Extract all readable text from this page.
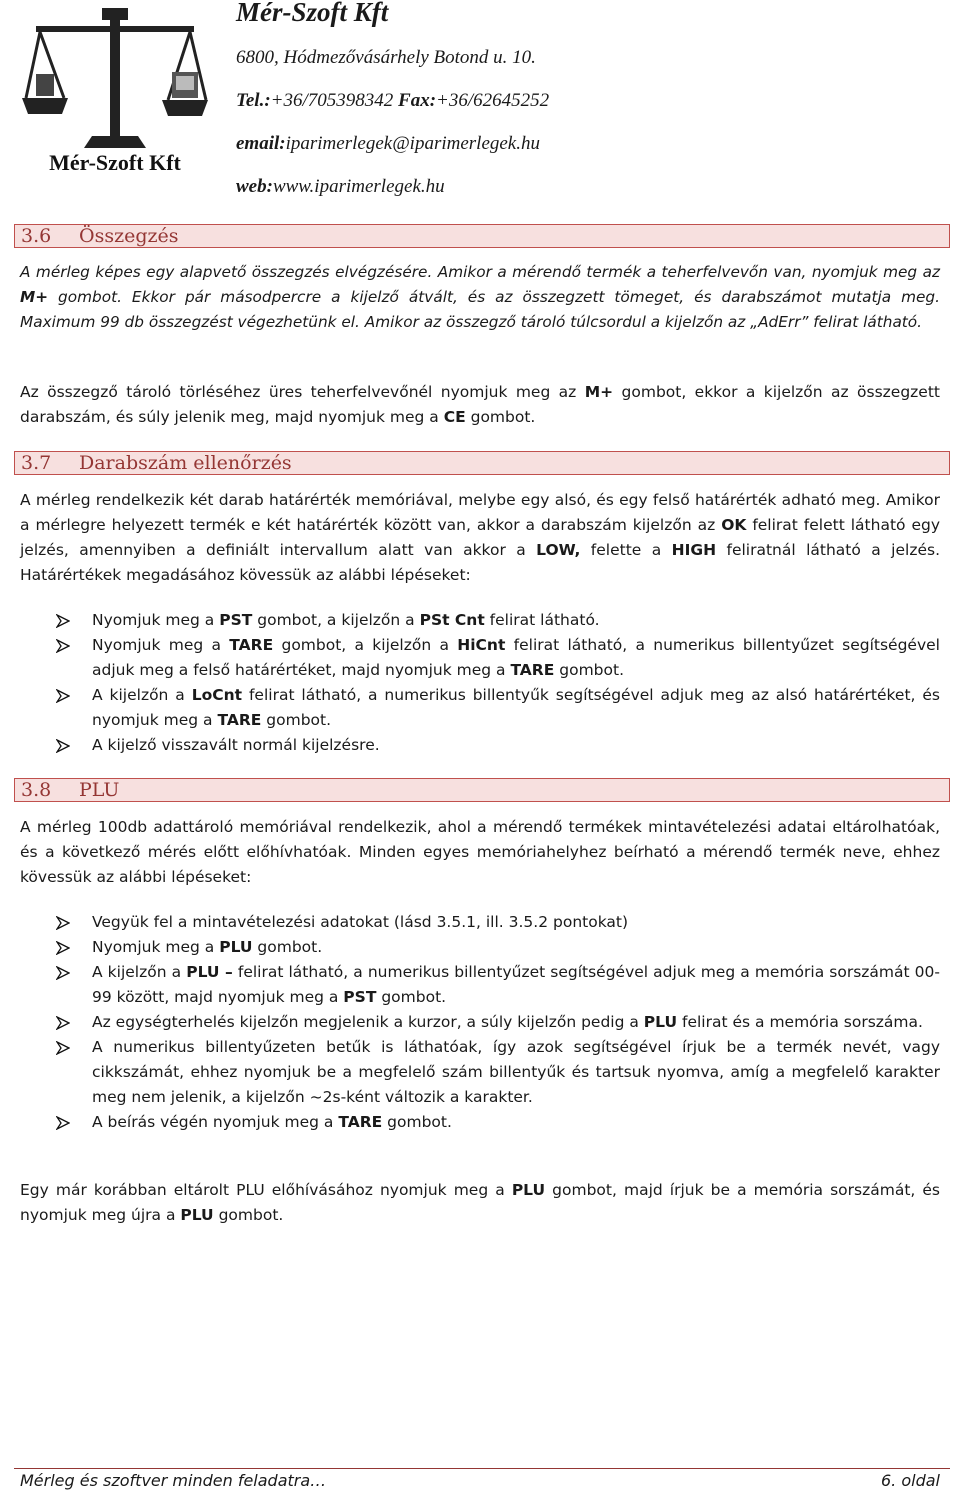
Mér-Szoft Kft
Mér-Szoft Kft
6800, Hódmezővásárhely Botond u. 10.
Tel.:+36/705398342 Fax:+36/62645252
email:iparimerlegek@iparimerlegek.hu
web:www.iparimerlegek.hu
3.6 Összegzés

A mérleg képes egy alapvető összegzés elvégzésére. Amikor a mérendő termék a teherfelvevőn van, nyomjuk meg az M+ gombot. Ekkor pár másodpercre a kijelző átvált, és az összegzett tömeget, és darabszámot mutatja meg. Maximum 99 db összegzést végezhetünk el. Amikor az összegző tároló túlcsordul a kijelzőn az „AdErr” felirat látható.

Az összegző tároló törléséhez üres teherfelvevőnél nyomjuk meg az M+ gombot, ekkor a kijelzőn az összegzett darabszám, és súly jelenik meg, majd nyomjuk meg a CE gombot.

3.7 Darabszám ellenőrzés

A mérleg rendelkezik két darab határérték memóriával, melybe egy alsó, és egy felső határérték adható meg. Amikor a mérlegre helyezett termék e két határérték között van, akkor a darabszám kijelzőn az OK felirat felett látható egy jelzés, amennyiben a definiált intervallum alatt van akkor a LOW, felette a HIGH feliratnál látható a jelzés. Határértékek megadásához kövessük az alábbi lépéseket:

Nyomjuk meg a PST gombot, a kijelzőn a PSt Cnt felirat látható.
Nyomjuk meg a TARE gombot, a kijelzőn a HiCnt felirat látható, a numerikus billentyűzet segítségével adjuk meg a felső határértéket, majd nyomjuk meg a TARE gombot.
A kijelzőn a LoCnt felirat látható, a numerikus billentyűk segítségével adjuk meg az alsó határértéket, és nyomjuk meg a TARE gombot.
A kijelző visszavált normál kijelzésre.
3.8 PLU

A mérleg 100db adattároló memóriával rendelkezik, ahol a mérendő termékek mintavételezési adatai eltárolhatóak, és a következő mérés előtt előhívhatóak. Minden egyes memóriahelyhez beírható a mérendő termék neve, ehhez kövessük az alábbi lépéseket:

Vegyük fel a mintavételezési adatokat (lásd 3.5.1, ill. 3.5.2 pontokat)
Nyomjuk meg a PLU gombot.
A kijelzőn a PLU – felirat látható, a numerikus billentyűzet segítségével adjuk meg a memória sorszámát 00-99 között, majd nyomjuk meg a PST gombot.
Az egységterhelés kijelzőn megjelenik a kurzor, a súly kijelzőn pedig a PLU felirat és a memória sorszáma.
A numerikus billentyűzeten betűk is láthatóak, így azok segítségével írjuk be a termék nevét, vagy cikkszámát, ehhez nyomjuk be a megfelelő szám billentyűk és tartsuk nyomva, amíg a megfelelő karakter meg nem jelenik, a kijelzőn ~2s-ként változik a karakter.
A beírás végén nyomjuk meg a TARE gombot.

Egy már korábban eltárolt PLU előhívásához nyomjuk meg a PLU gombot, majd írjuk be a memória sorszámát, és nyomjuk meg újra a PLU gombot.

Mérleg és szoftver minden feladatra…	6. oldal
